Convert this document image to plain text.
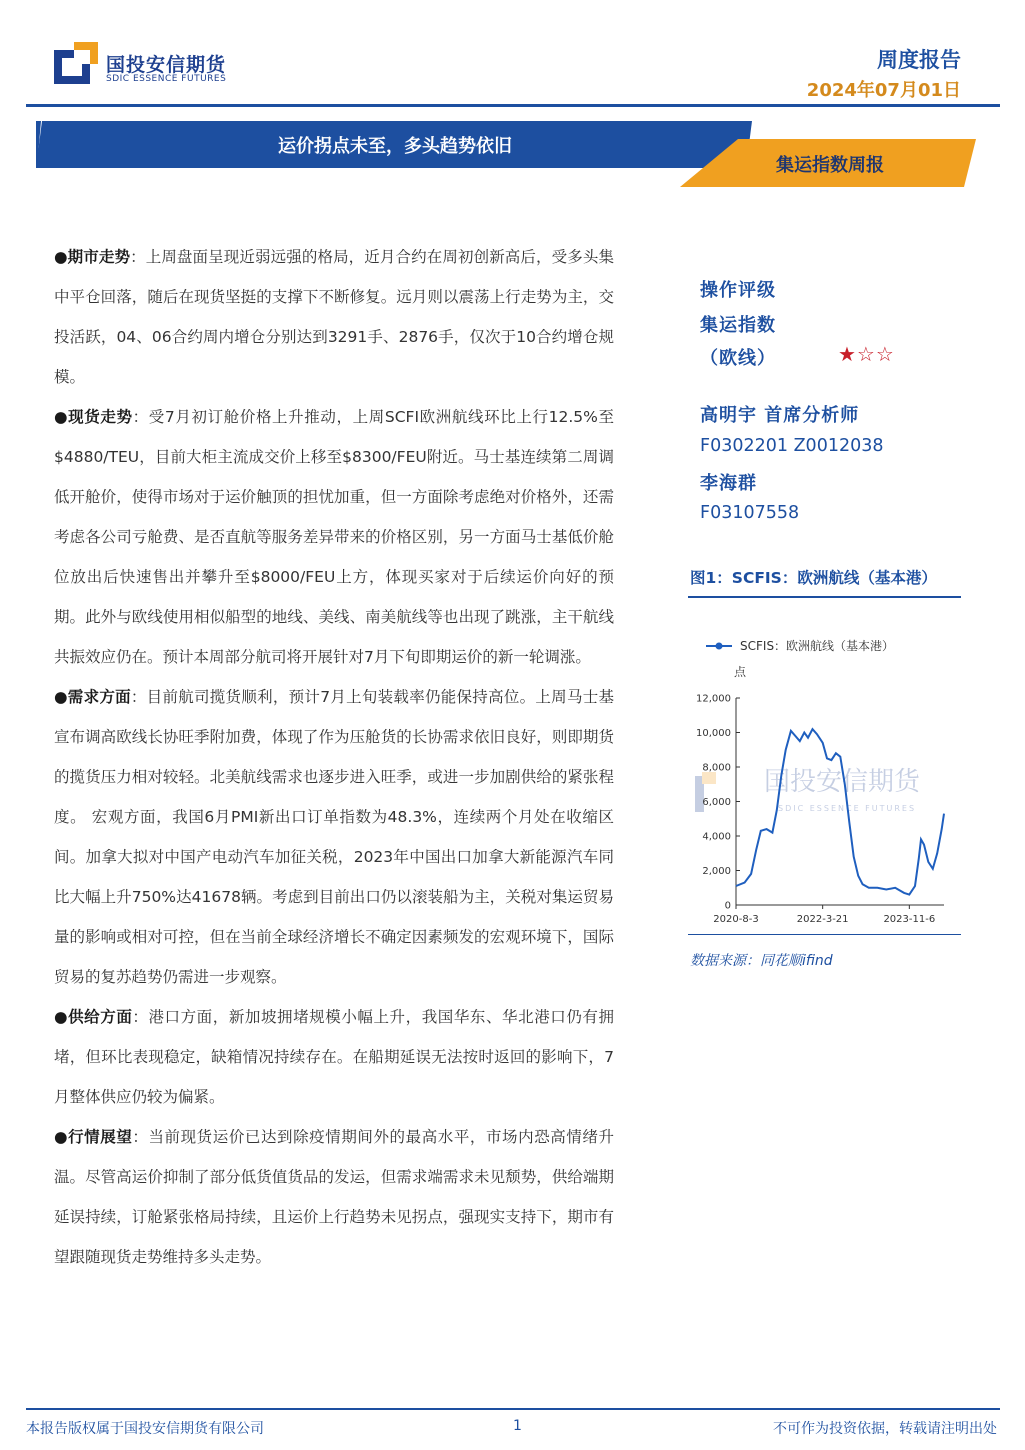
国投安信期货
SDIC ESSENCE FUTURES
周度报告
2024年07月01日
运价拐点未至，多头趋势依旧
集运指数周报

●期市走势：上周盘面呈现近弱远强的格局，近月合约在周初创新高后，受多头集中平仓回落，随后在现货坚挺的支撑下不断修复。远月则以震荡上行走势为主，交投活跃，04、06合约周内增仓分别达到3291手、2876手，仅次于10合约增仓规模。

●现货走势：受7月初订舱价格上升推动，上周SCFI欧洲航线环比上行12.5%至$4880/TEU，目前大柜主流成交价上移至$8300/FEU附近。马士基连续第二周调低开舱价，使得市场对于运价触顶的担忧加重，但一方面除考虑绝对价格外，还需考虑各公司亏舱费、是否直航等服务差异带来的价格区别，另一方面马士基低价舱位放出后快速售出并攀升至$8000/FEU上方，体现买家对于后续运价向好的预期。此外与欧线使用相似船型的地线、美线、南美航线等也出现了跳涨，主干航线共振效应仍在。预计本周部分航司将开展针对7月下旬即期运价的新一轮调涨。

●需求方面：目前航司揽货顺利，预计7月上旬装载率仍能保持高位。上周马士基宣布调高欧线长协旺季附加费，体现了作为压舱货的长协需求依旧良好，则即期货的揽货压力相对较轻。北美航线需求也逐步进入旺季，或进一步加剧供给的紧张程度。 宏观方面，我国6月PMI新出口订单指数为48.3%，连续两个月处在收缩区间。加拿大拟对中国产电动汽车加征关税，2023年中国出口加拿大新能源汽车同比大幅上升750%达41678辆。考虑到目前出口仍以滚装船为主，关税对集运贸易量的影响或相对可控，但在当前全球经济增长不确定因素频发的宏观环境下，国际贸易的复苏趋势仍需进一步观察。

●供给方面：港口方面，新加坡拥堵规模小幅上升，我国华东、华北港口仍有拥堵，但环比表现稳定，缺箱情况持续存在。在船期延误无法按时返回的影响下，7月整体供应仍较为偏紧。

●行情展望：当前现货运价已达到除疫情期间外的最高水平，市场内恐高情绪升温。尽管高运价抑制了部分低货值货品的发运，但需求端需求未见颓势，供给端期延误持续，订舱紧张格局持续，且运价上行趋势未见拐点，强现实支持下，期市有望跟随现货走势维持多头走势。

操作评级
集运指数
（欧线）	★☆☆
高明宇 首席分析师
F0302201 Z0012038
李海群
F03107558
图1：SCFIS：欧洲航线（基本港）
国投安信期货
SDIC ESSENCE FUTURES
SCFIS：欧洲航线（基本港）
点
0
2,000
4,000
6,000
8,000
10,000
12,000
2020-8-3	2022-3-21	2023-11-6
数据来源：同花顺ifind
本报告版权属于国投安信期货有限公司	1	不可作为投资依据，转载请注明出处
